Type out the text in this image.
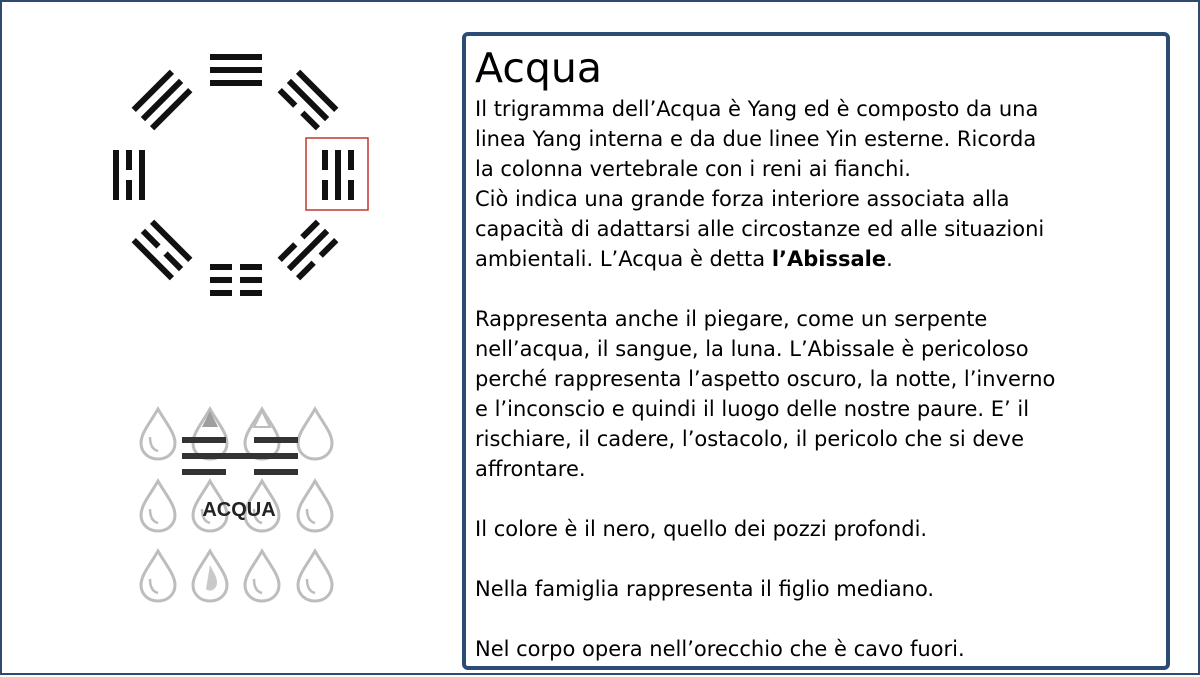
ACQUA
Acqua
Il trigramma dell’Acqua è Yang ed è composto da una
linea Yang interna e da due linee Yin esterne. Ricorda
la colonna vertebrale con i reni ai fianchi.
Ciò indica una grande forza interiore associata alla
capacità di adattarsi alle circostanze ed alle situazioni
ambientali. L’Acqua è detta l’Abissale.
Rappresenta anche il piegare, come un serpente
nell’acqua, il sangue, la luna. L’Abissale è pericoloso
perché rappresenta l’aspetto oscuro, la notte, l’inverno
e l’inconscio e quindi il luogo delle nostre paure. E’ il
rischiare, il cadere, l’ostacolo, il pericolo che si deve
affrontare.
Il colore è il nero, quello dei pozzi profondi.
Nella famiglia rappresenta il figlio mediano.
Nel corpo opera nell’orecchio che è cavo fuori.
